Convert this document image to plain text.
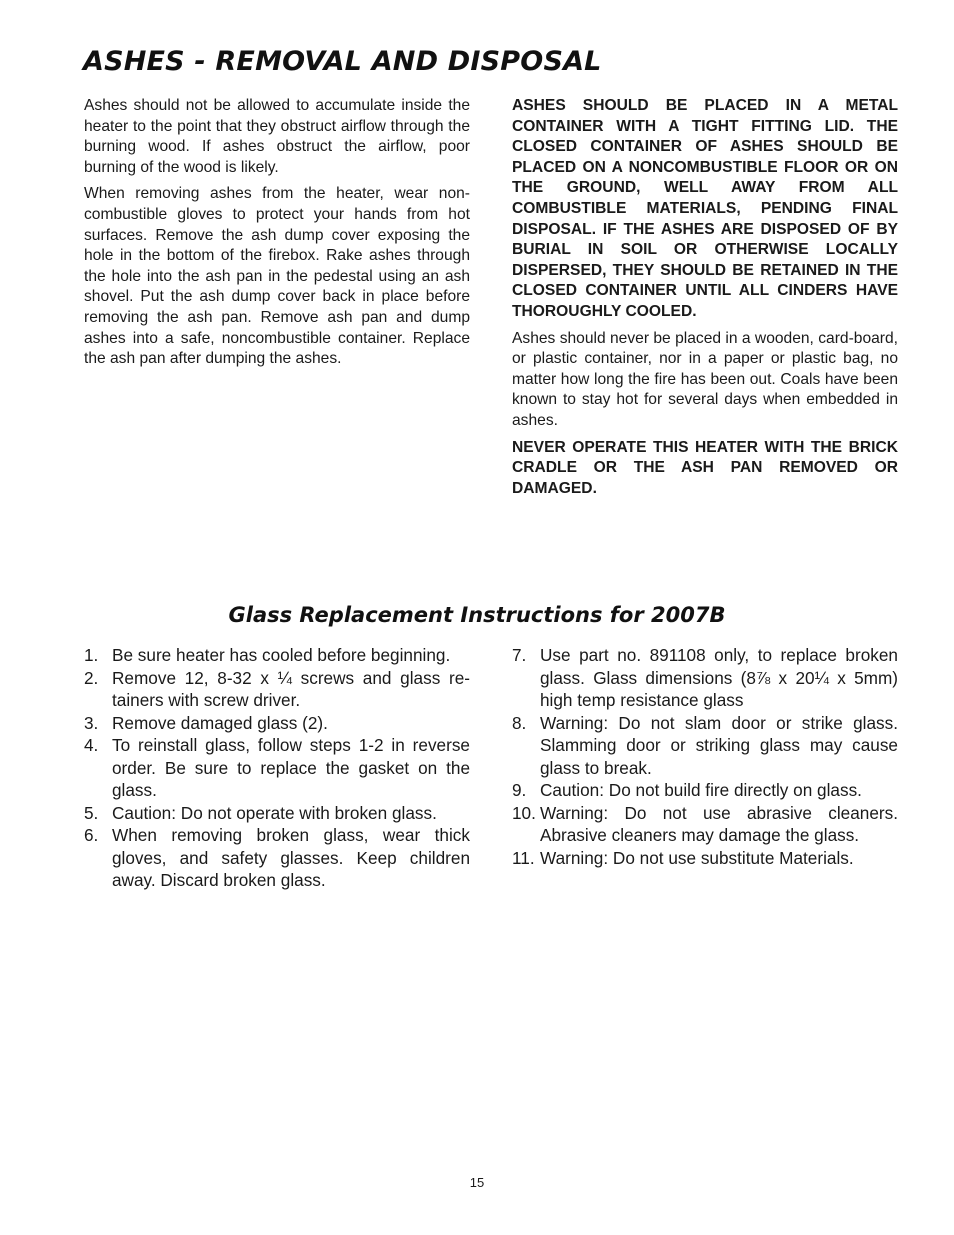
ASHES - REMOVAL AND DISPOSAL

Ashes should not be allowed to accumulate inside the heater to the point that they obstruct airflow through the burning wood. If ashes obstruct the airflow, poor burning of the wood is likely.

When removing ashes from the heater, wear non-combustible gloves to protect your hands from hot surfaces. Remove the ash dump cover exposing the hole in the bottom of the firebox. Rake ashes through the hole into the ash pan in the pedestal using an ash shovel. Put the ash dump cover back in place before removing the ash pan. Remove ash pan and dump ashes into a safe, noncombustible container. Replace the ash pan after dumping the ashes.

ASHES SHOULD BE PLACED IN A METAL CONTAINER WITH A TIGHT FITTING LID. THE CLOSED CONTAINER OF ASHES SHOULD BE PLACED ON A NONCOMBUSTIBLE FLOOR OR ON THE GROUND, WELL AWAY FROM ALL COMBUSTIBLE MATERIALS, PENDING FINAL DISPOSAL. IF THE ASHES ARE DISPOSED OF BY BURIAL IN SOIL OR OTHERWISE LOCALLY DISPERSED, THEY SHOULD BE RETAINED IN THE CLOSED CONTAINER UNTIL ALL CINDERS HAVE THOROUGHLY COOLED.

Ashes should never be placed in a wooden, card-board, or plastic container, nor in a paper or plastic bag, no matter how long the fire has been out. Coals have been known to stay hot for several days when embedded in ashes.

NEVER OPERATE THIS HEATER WITH THE BRICK CRADLE OR THE ASH PAN REMOVED OR DAMAGED.

Glass Replacement Instructions for 2007B
1. Be sure heater has cooled before beginning.
2. Remove 12, 8-32 x ¼ screws and glass re-tainers with screw driver.
3. Remove damaged glass (2).
4. To reinstall glass, follow steps 1-2 in reverse order. Be sure to replace the gasket on the glass.
5. Caution: Do not operate with broken glass.
6. When removing broken glass, wear thick gloves, and safety glasses. Keep children away. Discard broken glass.
7. Use part no. 891108 only, to replace broken glass. Glass dimensions (8⅞ x 20¼ x 5mm) high temp resistance glass
8. Warning: Do not slam door or strike glass. Slamming door or striking glass may cause glass to break.
9. Caution: Do not build fire directly on glass.
10. Warning: Do not use abrasive cleaners. Abrasive cleaners may damage the glass.
11. Warning: Do not use substitute Materials.
15
